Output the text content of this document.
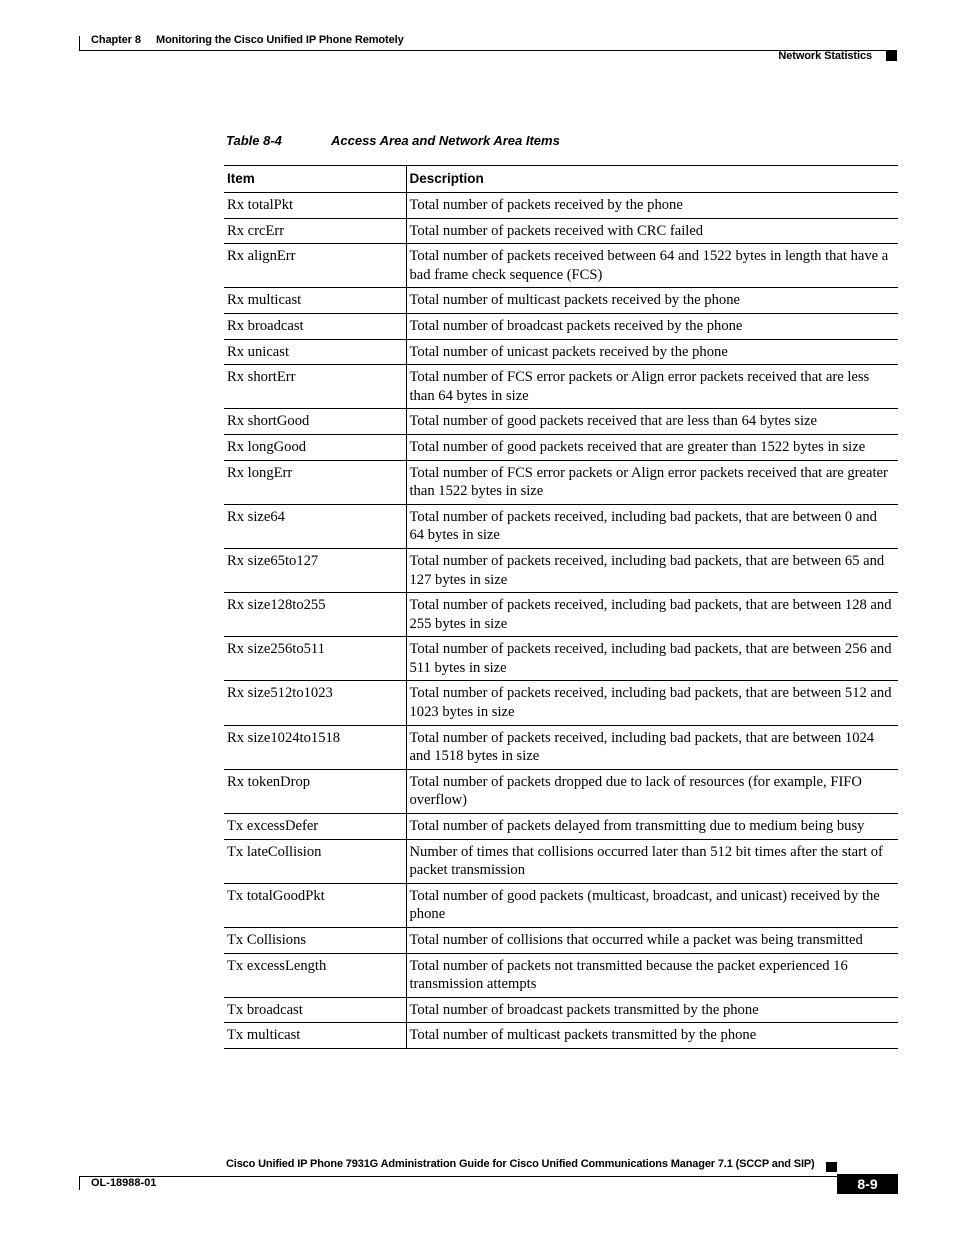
Chapter 8 Monitoring the Cisco Unified IP Phone Remotely
Network Statistics
Table 8-4	Access Area and Network Area Items
Item	Description
Rx totalPkt	Total number of packets received by the phone
Rx crcErr	Total number of packets received with CRC failed
Rx alignErr	Total number of packets received between 64 and 1522 bytes in length that have a bad frame check sequence (FCS)
Rx multicast	Total number of multicast packets received by the phone
Rx broadcast	Total number of broadcast packets received by the phone
Rx unicast	Total number of unicast packets received by the phone
Rx shortErr	Total number of FCS error packets or Align error packets received that are less than 64 bytes in size
Rx shortGood	Total number of good packets received that are less than 64 bytes size
Rx longGood	Total number of good packets received that are greater than 1522 bytes in size
Rx longErr	Total number of FCS error packets or Align error packets received that are greater than 1522 bytes in size
Rx size64	Total number of packets received, including bad packets, that are between 0 and 64 bytes in size
Rx size65to127	Total number of packets received, including bad packets, that are between 65 and 127 bytes in size
Rx size128to255	Total number of packets received, including bad packets, that are between 128 and 255 bytes in size
Rx size256to511	Total number of packets received, including bad packets, that are between 256 and 511 bytes in size
Rx size512to1023	Total number of packets received, including bad packets, that are between 512 and 1023 bytes in size
Rx size1024to1518	Total number of packets received, including bad packets, that are between 1024 and 1518 bytes in size
Rx tokenDrop	Total number of packets dropped due to lack of resources (for example, FIFO overflow)
Tx excessDefer	Total number of packets delayed from transmitting due to medium being busy
Tx lateCollision	Number of times that collisions occurred later than 512 bit times after the start of packet transmission
Tx totalGoodPkt	Total number of good packets (multicast, broadcast, and unicast) received by the phone
Tx Collisions	Total number of collisions that occurred while a packet was being transmitted
Tx excessLength	Total number of packets not transmitted because the packet experienced 16 transmission attempts
Tx broadcast	Total number of broadcast packets transmitted by the phone
Tx multicast	Total number of multicast packets transmitted by the phone
Cisco Unified IP Phone 7931G Administration Guide for Cisco Unified Communications Manager 7.1 (SCCP and SIP)
OL-18988-01	8-9
